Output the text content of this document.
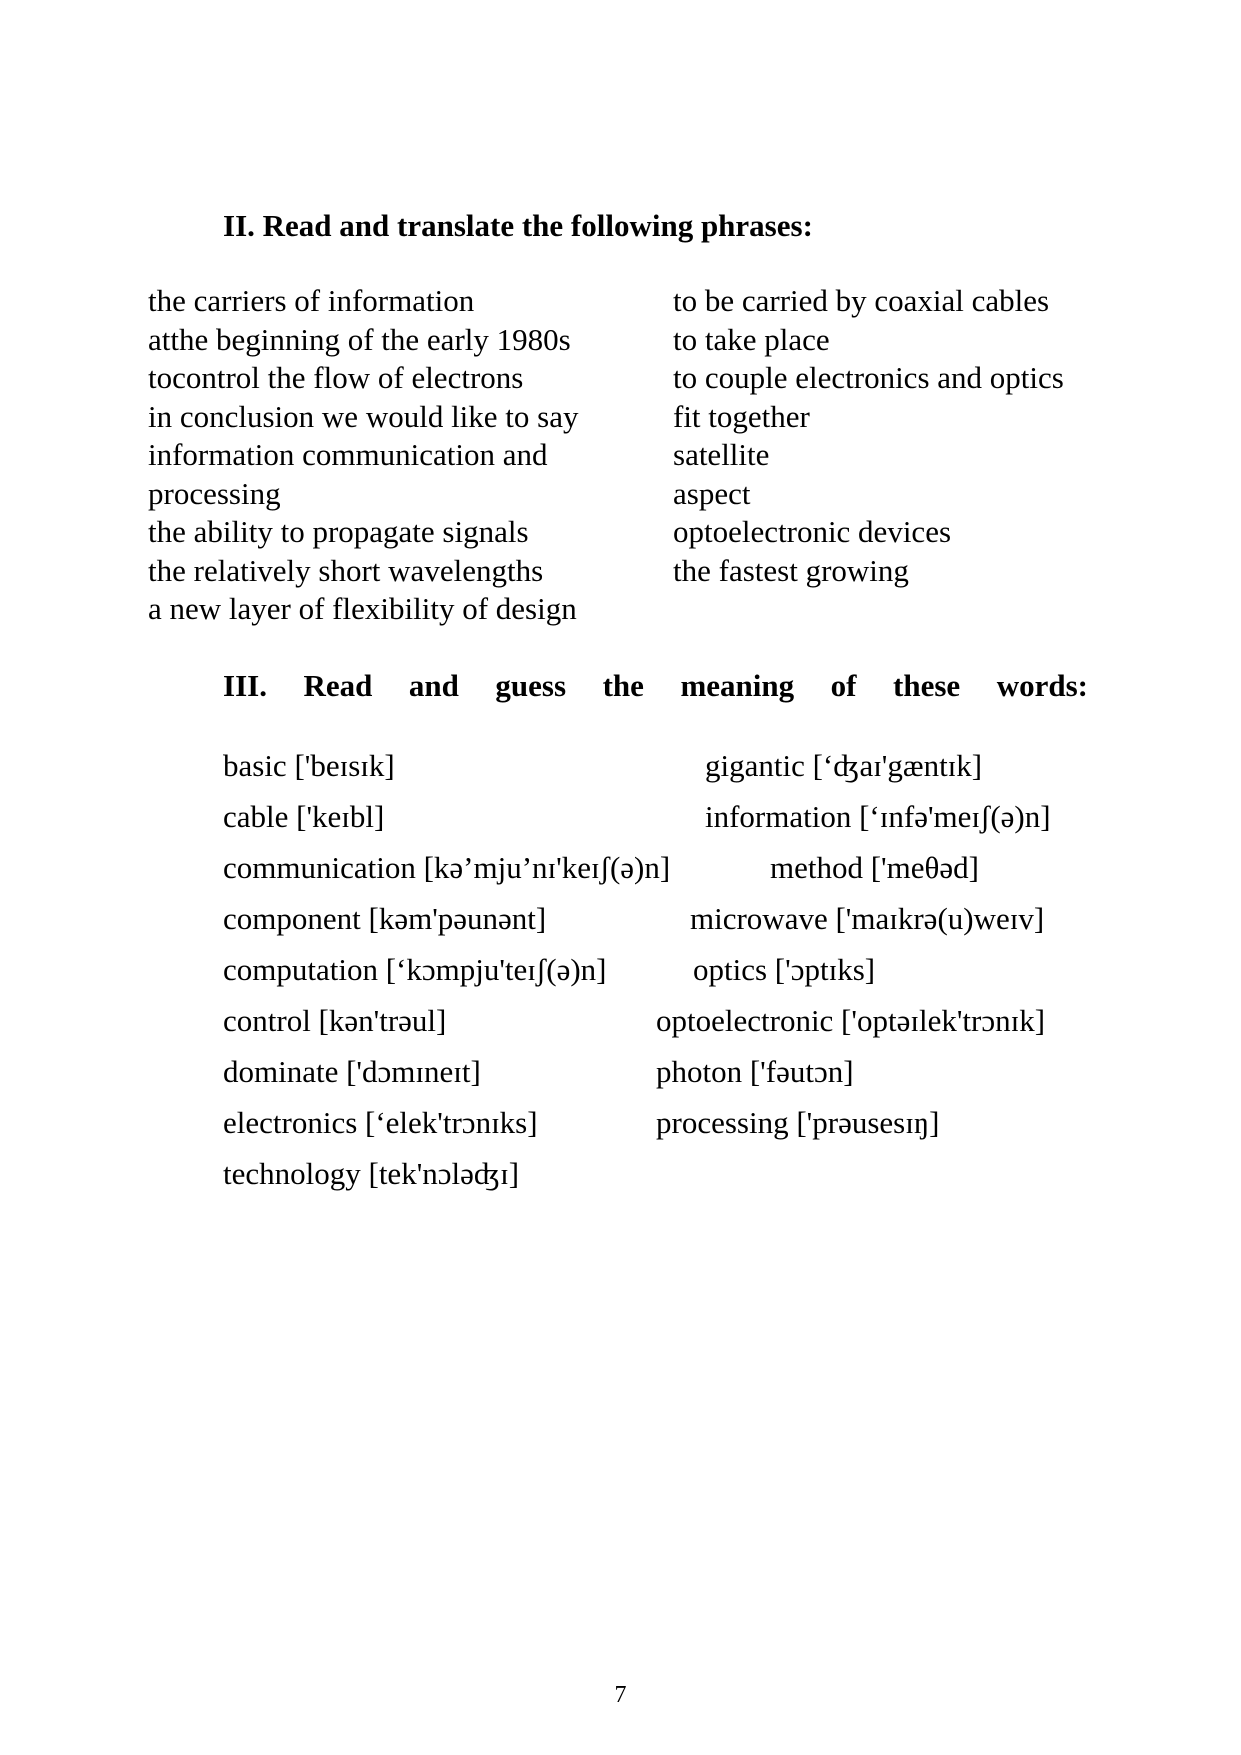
II. Read and translate the following phrases:
the carriers of information
atthe beginning of the early 1980s
tocontrol the flow of electrons
in conclusion we would like to say
information communication and
processing
the ability to propagate signals
the relatively short wavelengths
a new layer of flexibility of design
to be carried by coaxial cables
to take place
to couple electronics and optics
fit together
satellite
aspect
optoelectronic devices
the fastest growing
III. Read and guess the meaning of these words:
basic ['beɪsɪk]
cable ['keɪbl]
communication [kə’mju’nɪ'keɪʃ(ə)n]
component [kəm'pəunənt]
computation [‘kɔmpju'teɪʃ(ə)n]
control [kən'trəul]
dominate ['dɔmɪneɪt]
electronics [‘elek'trɔnɪks]
technology [tek'nɔləʤɪ]
gigantic [‘ʤaɪ'gæntɪk]
information [‘ɪnfə'meɪʃ(ə)n]
method ['meθəd]
microwave ['maɪkrə(u)weɪv]
optics ['ɔptɪks]
optoelectronic ['optəɪlek'trɔnɪk]
photon ['fəutɔn]
processing ['prəusesɪŋ]
7
